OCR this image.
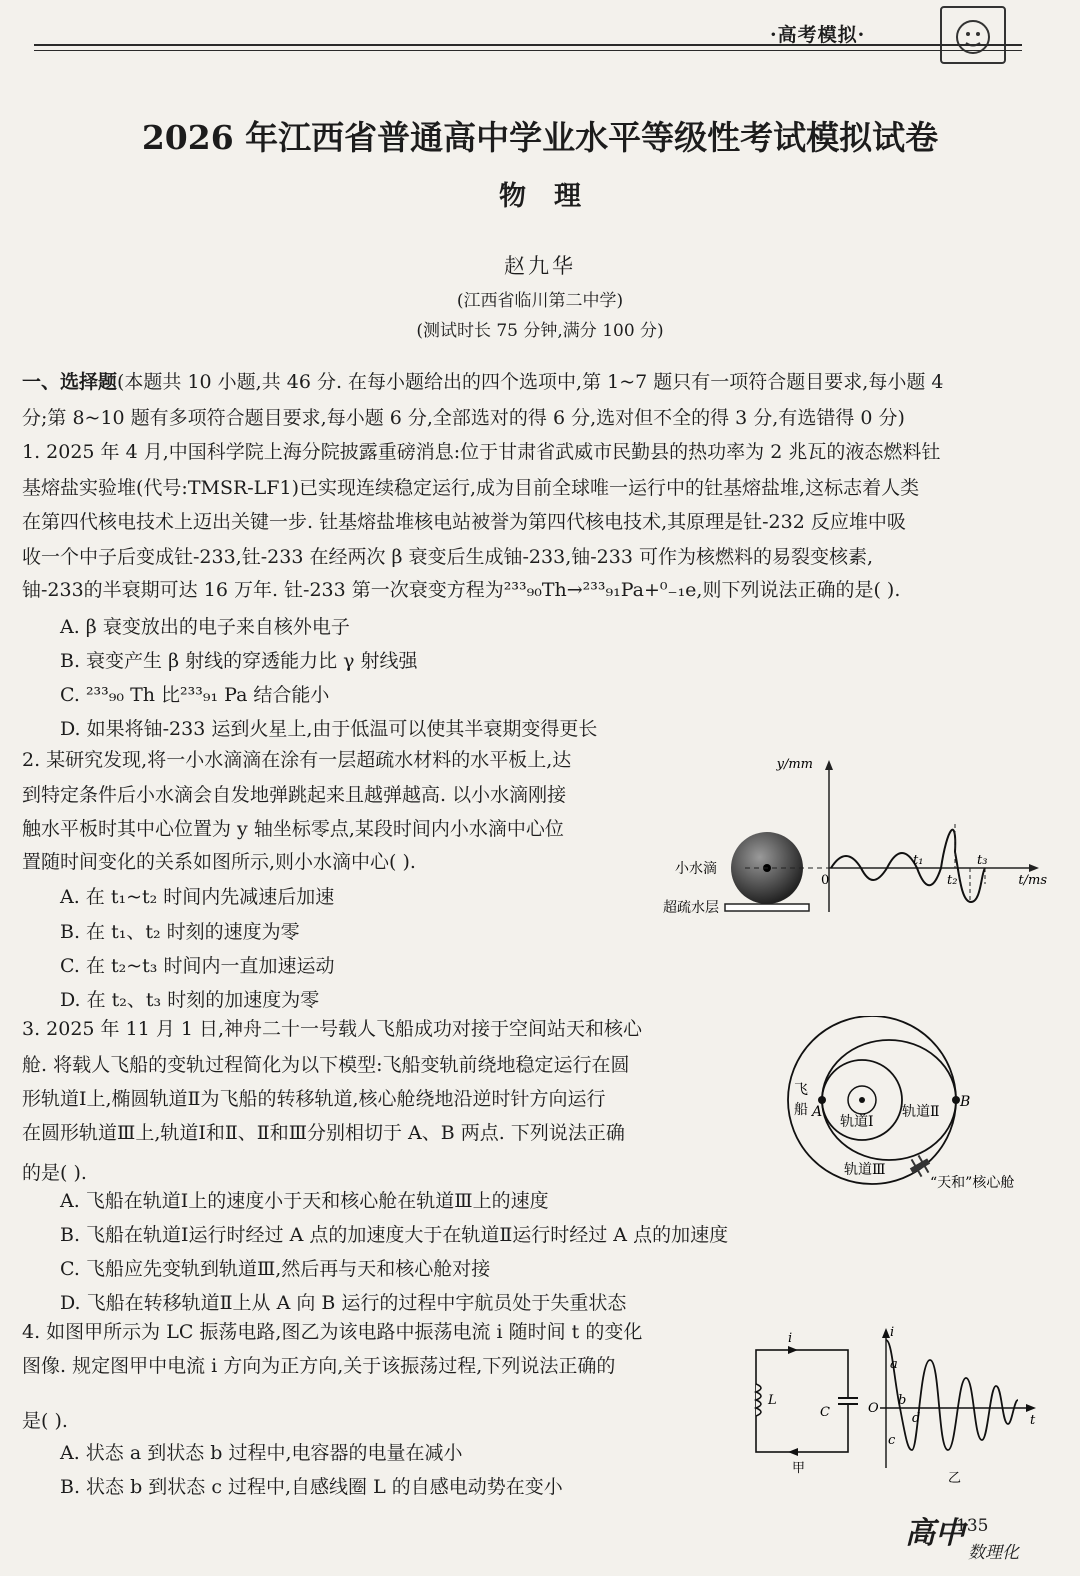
·高考模拟·
2026 年江西省普通高中学业水平等级性考试模拟试卷
物理
赵九华
(江西省临川第二中学)
(测试时长 75 分钟,满分 100 分)
一、选择题(本题共 10 小题,共 46 分. 在每小题给出的四个选项中,第 1~7 题只有一项符合题目要求,每小题 4
分;第 8~10 题有多项符合题目要求,每小题 6 分,全部选对的得 6 分,选对但不全的得 3 分,有选错得 0 分)
1. 2025 年 4 月,中国科学院上海分院披露重磅消息:位于甘肃省武威市民勤县的热功率为 2 兆瓦的液态燃料钍
基熔盐实验堆(代号:TMSR-LF1)已实现连续稳定运行,成为目前全球唯一运行中的钍基熔盐堆,这标志着人类
在第四代核电技术上迈出关键一步. 钍基熔盐堆核电站被誉为第四代核电技术,其原理是钍-232 反应堆中吸
收一个中子后变成钍-233,钍-233 在经两次 β 衰变后生成铀-233,铀-233 可作为核燃料的易裂变核素,
铀-233的半衰期可达 16 万年. 钍-233 第一次衰变方程为²³³₉₀Th→²³³₉₁Pa+⁰₋₁e,则下列说法正确的是( ).
A. β 衰变放出的电子来自核外电子
B. 衰变产生 β 射线的穿透能力比 γ 射线强
C. ²³³₉₀ Th 比²³³₉₁ Pa 结合能小
D. 如果将铀-233 运到火星上,由于低温可以使其半衰期变得更长
2. 某研究发现,将一小水滴滴在涂有一层超疏水材料的水平板上,达
到特定条件后小水滴会自发地弹跳起来且越弹越高. 以小水滴刚接
触水平板时其中心位置为 y 轴坐标零点,某段时间内小水滴中心位
置随时间变化的关系如图所示,则小水滴中心( ).
A. 在 t₁~t₂ 时间内先减速后加速
B. 在 t₁、t₂ 时刻的速度为零
C. 在 t₂~t₃ 时间内一直加速运动
D. 在 t₂、t₃ 时刻的加速度为零
y/mm
t/ms
0
t₁
t₂
t₃
小水滴
超疏水层
3. 2025 年 11 月 1 日,神舟二十一号载人飞船成功对接于空间站天和核心
舱. 将载人飞船的变轨过程简化为以下模型:飞船变轨前绕地稳定运行在圆
形轨道Ⅰ上,椭圆轨道Ⅱ为飞船的转移轨道,核心舱绕地沿逆时针方向运行
在圆形轨道Ⅲ上,轨道Ⅰ和Ⅱ、Ⅱ和Ⅲ分别相切于 A、B 两点. 下列说法正确
的是( ).
A. 飞船在轨道Ⅰ上的速度小于天和核心舱在轨道Ⅲ上的速度
B. 飞船在轨道Ⅰ运行时经过 A 点的加速度大于在轨道Ⅱ运行时经过 A 点的加速度
C. 飞船应先变轨到轨道Ⅲ,然后再与天和核心舱对接
D. 飞船在转移轨道Ⅱ上从 A 向 B 运行的过程中宇航员处于失重状态
飞
船 A
B
轨道Ⅰ
轨道Ⅱ
轨道Ⅲ
“天和”核心舱
4. 如图甲所示为 LC 振荡电路,图乙为该电路中振荡电流 i 随时间 t 的变化
图像. 规定图甲中电流 i 方向为正方向,关于该振荡过程,下列说法正确的
是( ).
A. 状态 a 到状态 b 过程中,电容器的电量在减小
B. 状态 b 到状态 c 过程中,自感线圈 L 的自感电动势在变小
i
L
C
甲
i
t
O
a
b
c
d
乙
135
高中
数理化
